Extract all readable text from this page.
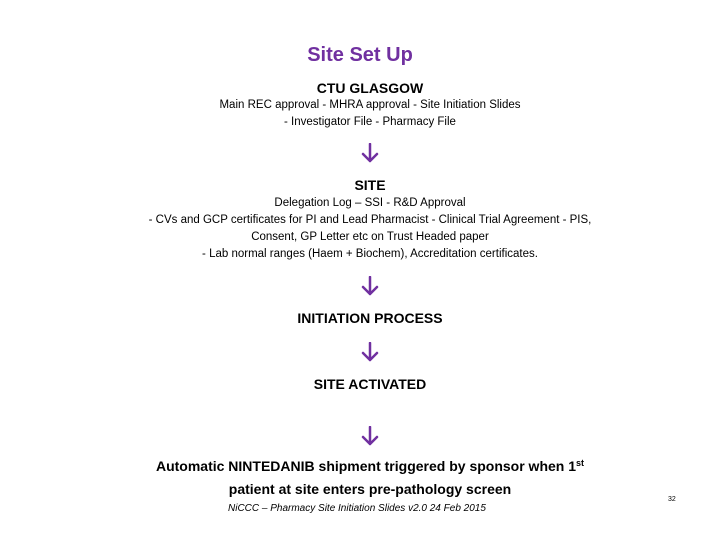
Site Set Up
CTU GLASGOW
Main REC approval - MHRA approval - Site Initiation Slides
- Investigator File - Pharmacy File
SITE
Delegation Log – SSI - R&D Approval
- CVs and GCP certificates for PI and Lead Pharmacist - Clinical Trial Agreement - PIS,
Consent, GP Letter etc on Trust Headed paper
- Lab normal ranges (Haem + Biochem), Accreditation certificates.
INITIATION PROCESS
SITE ACTIVATED
Automatic NINTEDANIB shipment triggered by sponsor when 1st
patient at site enters pre-pathology screen
NiCCC – Pharmacy Site Initiation Slides v2.0 24 Feb 2015
32
